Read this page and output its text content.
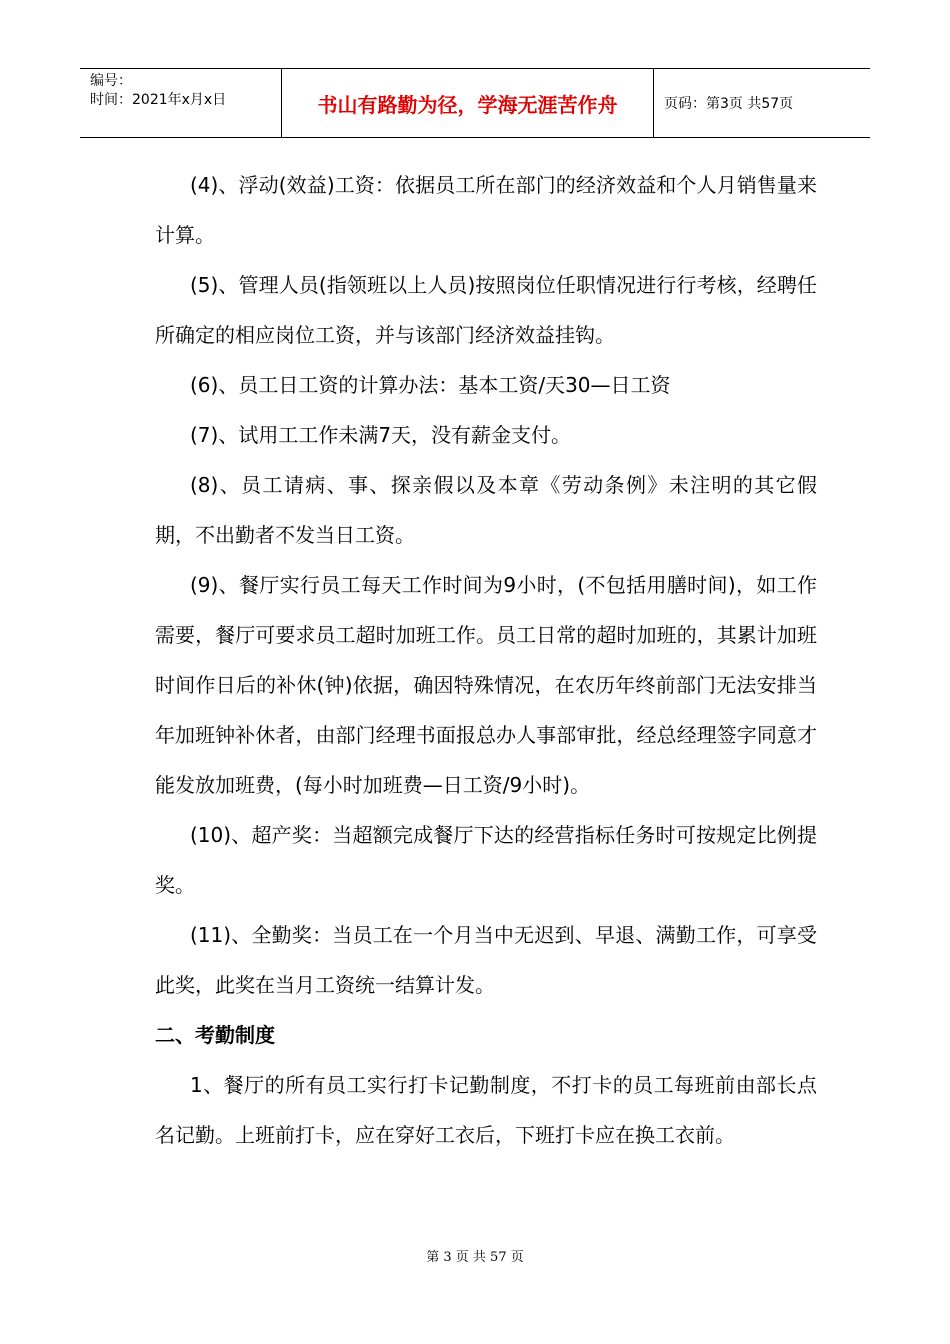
编号：
时间：2021年x月x日	书山有路勤为径，学海无涯苦作舟	页码：第3页 共57页

(4)、浮动(效益)工资：依据员工所在部门的经济效益和个人月销售量来计算。

(5)、管理人员(指领班以上人员)按照岗位任职情况进行行考核，经聘任所确定的相应岗位工资，并与该部门经济效益挂钩。

(6)、员工日工资的计算办法：基本工资/天30—日工资

(7)、试用工工作未满7天，没有薪金支付。

(8)、员工请病、事、探亲假以及本章《劳动条例》未注明的其它假期，不出勤者不发当日工资。

(9)、餐厅实行员工每天工作时间为9小时，(不包括用膳时间)，如工作需要，餐厅可要求员工超时加班工作。员工日常的超时加班的，其累计加班时间作日后的补休(钟)依据，确因特殊情况，在农历年终前部门无法安排当年加班钟补休者，由部门经理书面报总办人事部审批，经总经理签字同意才能发放加班费，(每小时加班费—日工资/9小时)。

(10)、超产奖：当超额完成餐厅下达的经营指标任务时可按规定比例提奖。

(11)、全勤奖：当员工在一个月当中无迟到、早退、满勤工作，可享受此奖，此奖在当月工资统一结算计发。

二、考勤制度

1、餐厅的所有员工实行打卡记勤制度，不打卡的员工每班前由部长点名记勤。上班前打卡，应在穿好工衣后，下班打卡应在换工衣前。

第 3 页 共 57 页
